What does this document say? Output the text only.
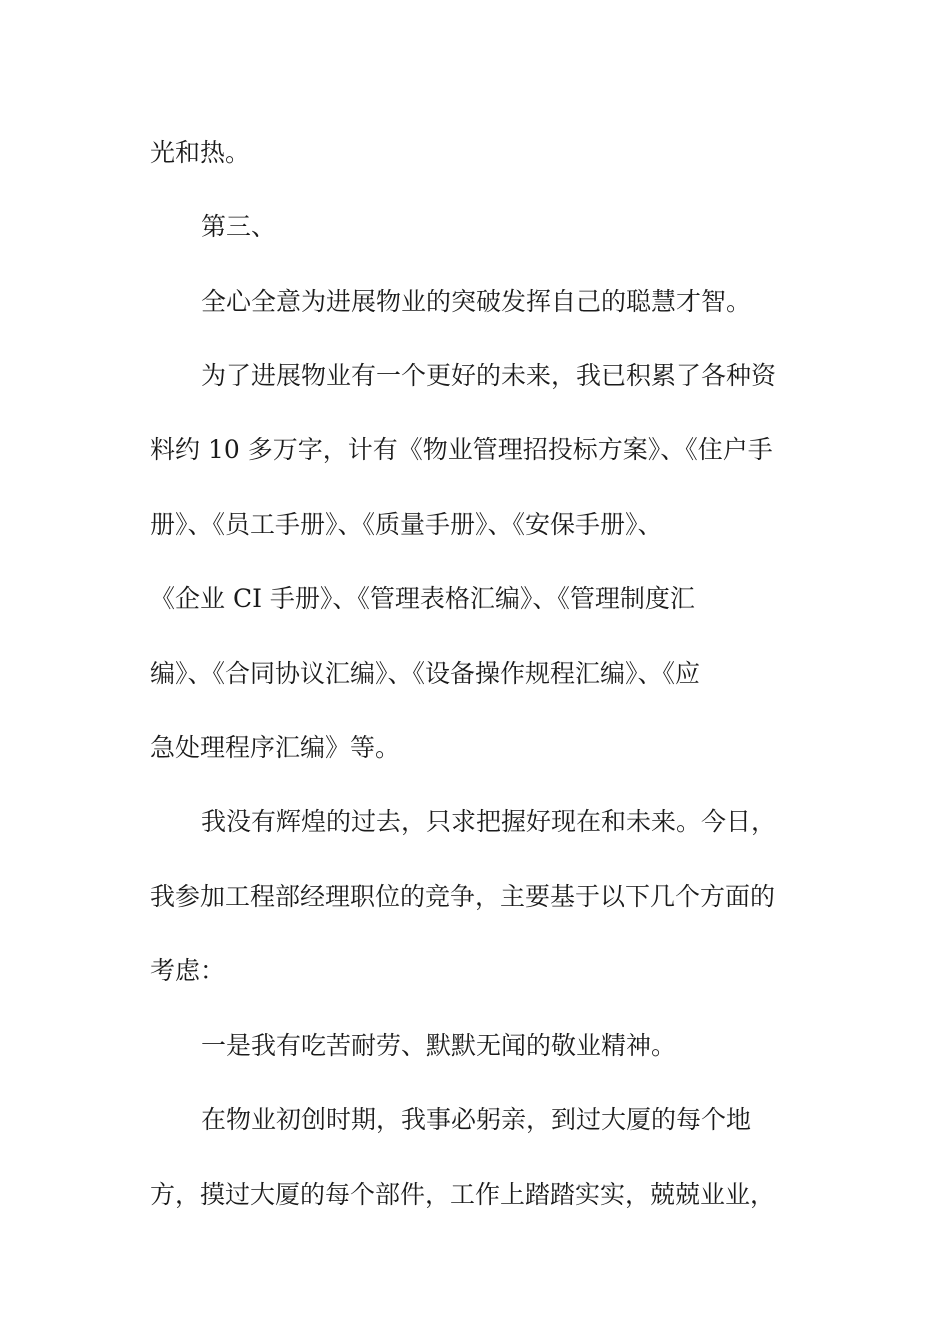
光和热。
第三、
全心全意为进展物业的突破发挥自己的聪慧才智。
为了进展物业有一个更好的未来，我已积累了各种资
料约 10 多万字，计有《物业管理招投标方案》、《住户手
册》、《员工手册》、《质量手册》、《安保手册》、
《企业 CI 手册》、《管理表格汇编》、《管理制度汇
编》、《合同协议汇编》、《设备操作规程汇编》、《应
急处理程序汇编》等。
我没有辉煌的过去，只求把握好现在和未来。今日，
我参加工程部经理职位的竞争，主要基于以下几个方面的
考虑：
一是我有吃苦耐劳、默默无闻的敬业精神。
在物业初创时期，我事必躬亲，到过大厦的每个地
方，摸过大厦的每个部件，工作上踏踏实实，兢兢业业，
